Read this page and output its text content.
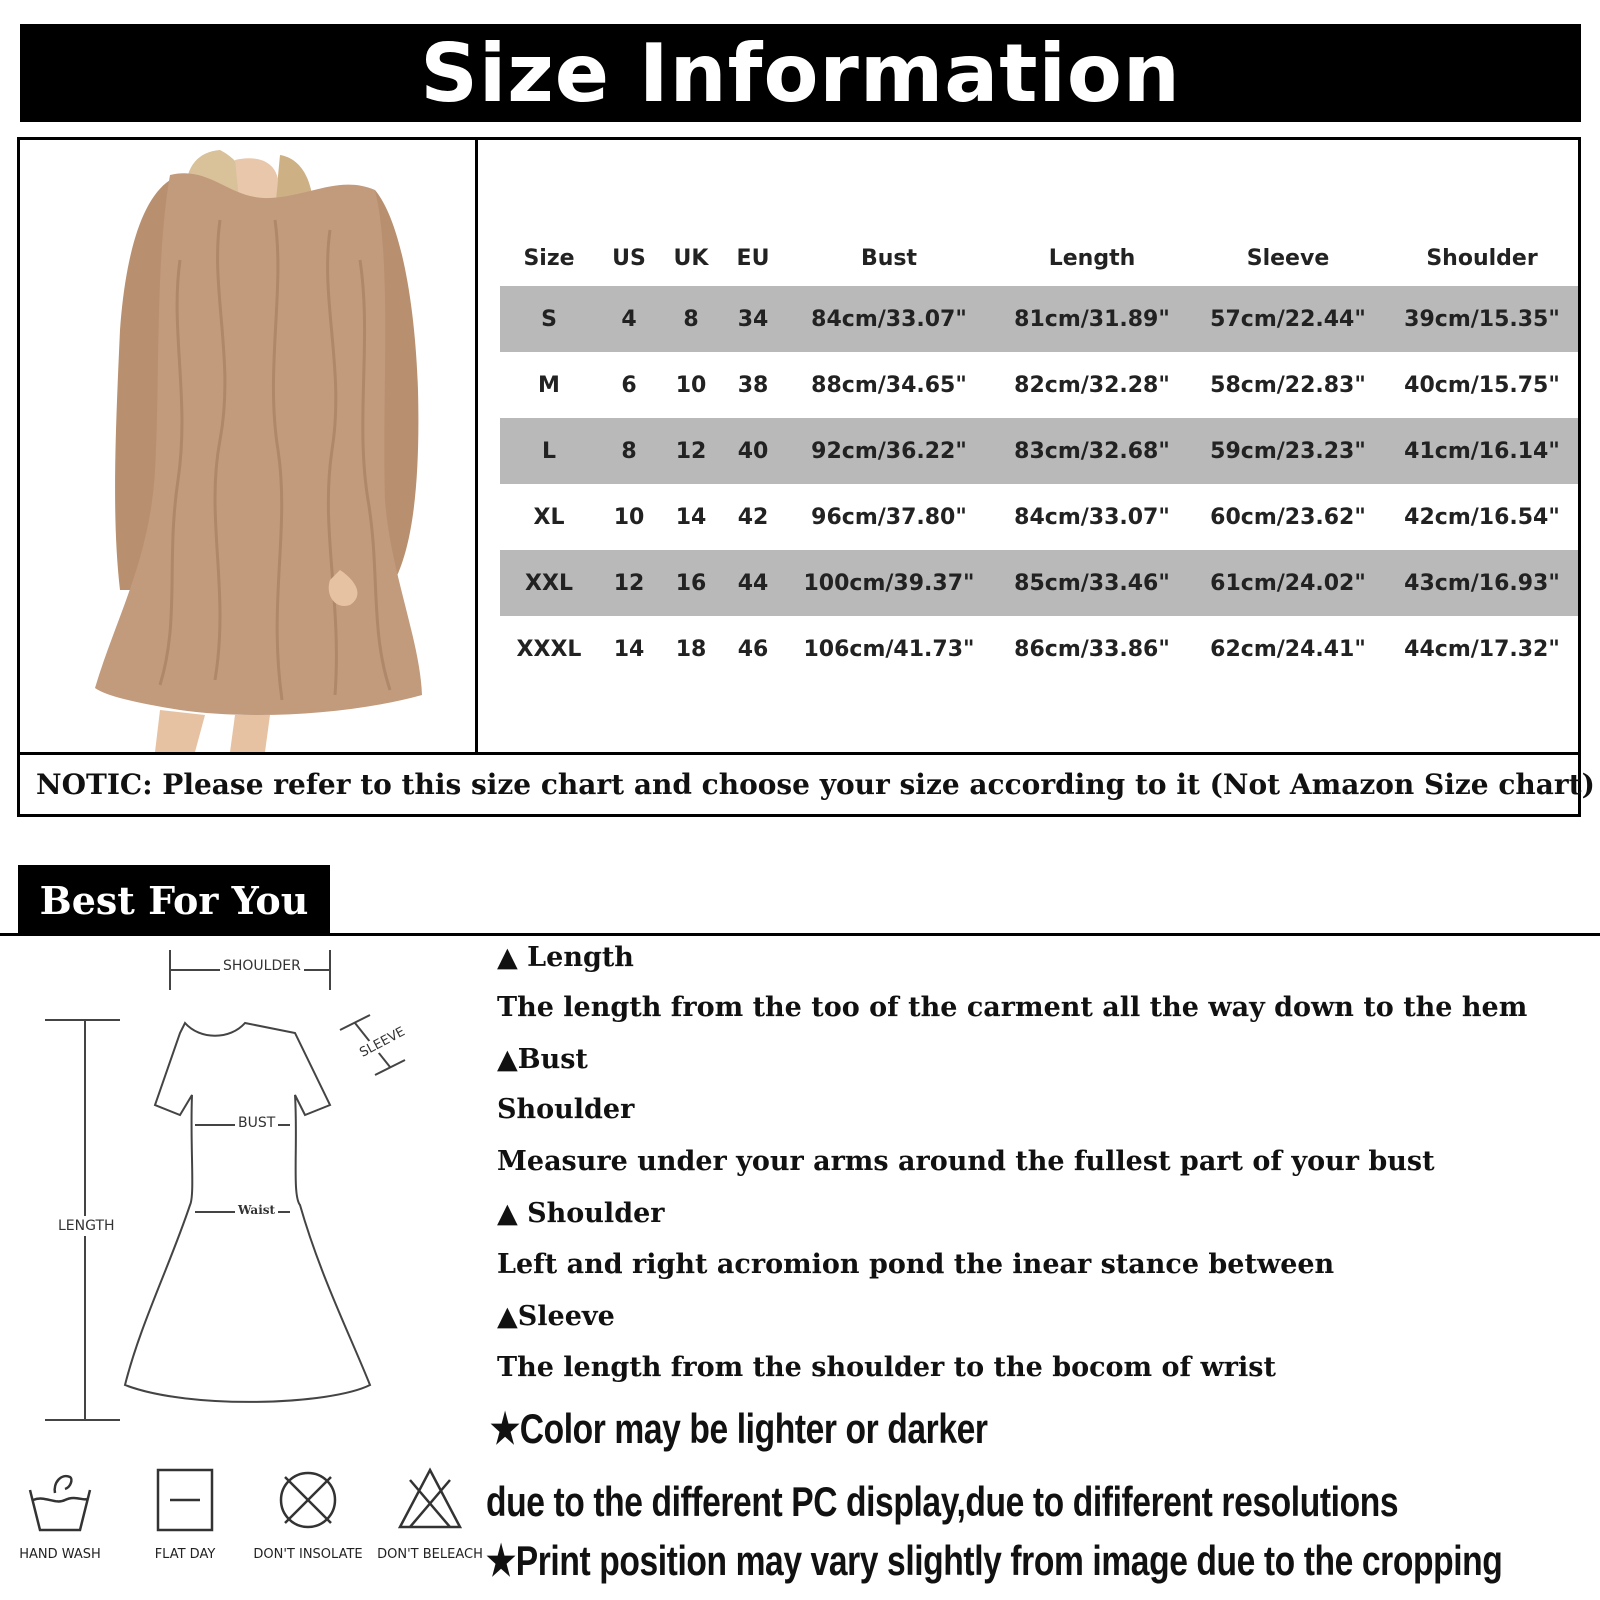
Size Information
Size	US	UK	EU	Bust	Length	Sleeve	Shoulder
S	4	8	34	84cm/33.07"	81cm/31.89"	57cm/22.44"	39cm/15.35"
M	6	10	38	88cm/34.65"	82cm/32.28"	58cm/22.83"	40cm/15.75"
L	8	12	40	92cm/36.22"	83cm/32.68"	59cm/23.23"	41cm/16.14"
XL	10	14	42	96cm/37.80"	84cm/33.07"	60cm/23.62"	42cm/16.54"
XXL	12	16	44	100cm/39.37"	85cm/33.46"	61cm/24.02"	43cm/16.93"
XXXL	14	18	46	106cm/41.73"	86cm/33.86"	62cm/24.41"	44cm/17.32"
NOTIC: Please refer to this size chart and choose your size according to it (Not Amazon Size chart)
Best For You
SHOULDER
SLEEVE
BUST
Waist
LENGTH
HAND WASH	FLAT DAY	DON'T INSOLATE	DON'T BELEACH
▲ Length
The length from the too of the carment all the way down to the hem
▲Bust
Shoulder
Measure under your arms around the fullest part of your bust
▲ Shoulder
Left and right acromion pond the inear stance between
▲Sleeve
The length from the shoulder to the bocom of wrist
★Color may be lighter or darker
due to the different PC display,due to dififerent resolutions
★Print position may vary slightly from image due to the cropping
